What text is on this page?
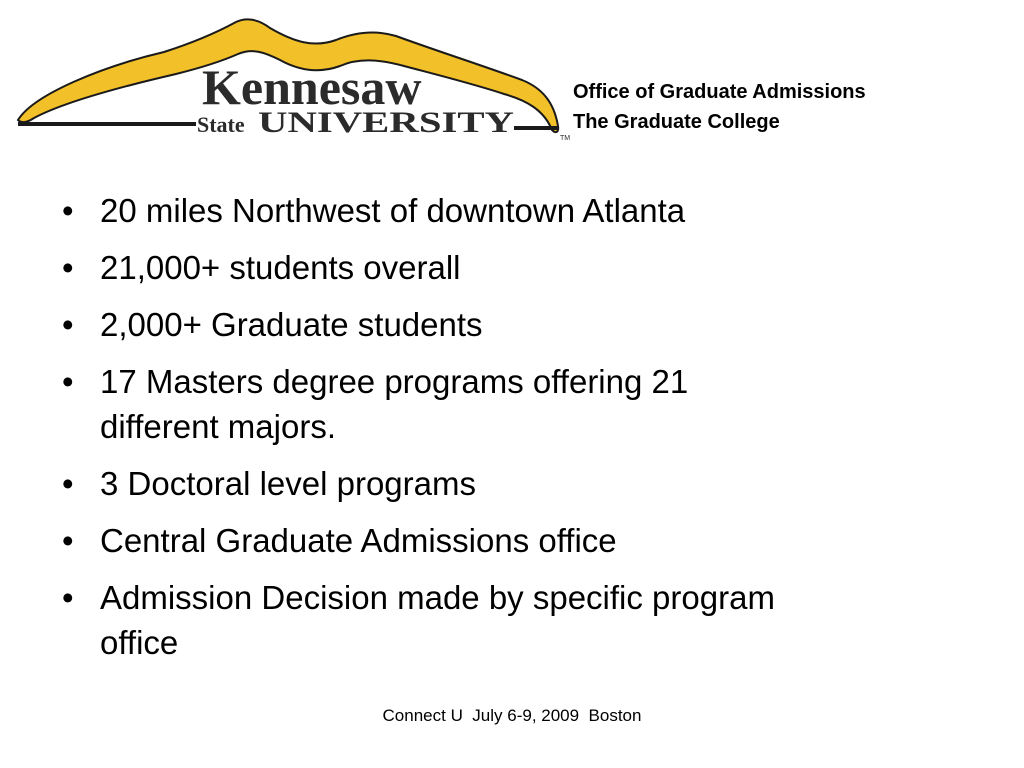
Kennesaw
State UNIVERSITY	TM
Office of Graduate Admissions
The Graduate College
• 20 miles Northwest of downtown Atlanta
• 21,000+ students overall
• 2,000+ Graduate students
• 17 Masters degree programs offering 21
different majors.
• 3 Doctoral level programs
• Central Graduate Admissions office
• Admission Decision made by specific program
office
Connect U  July 6-9, 2009  Boston
